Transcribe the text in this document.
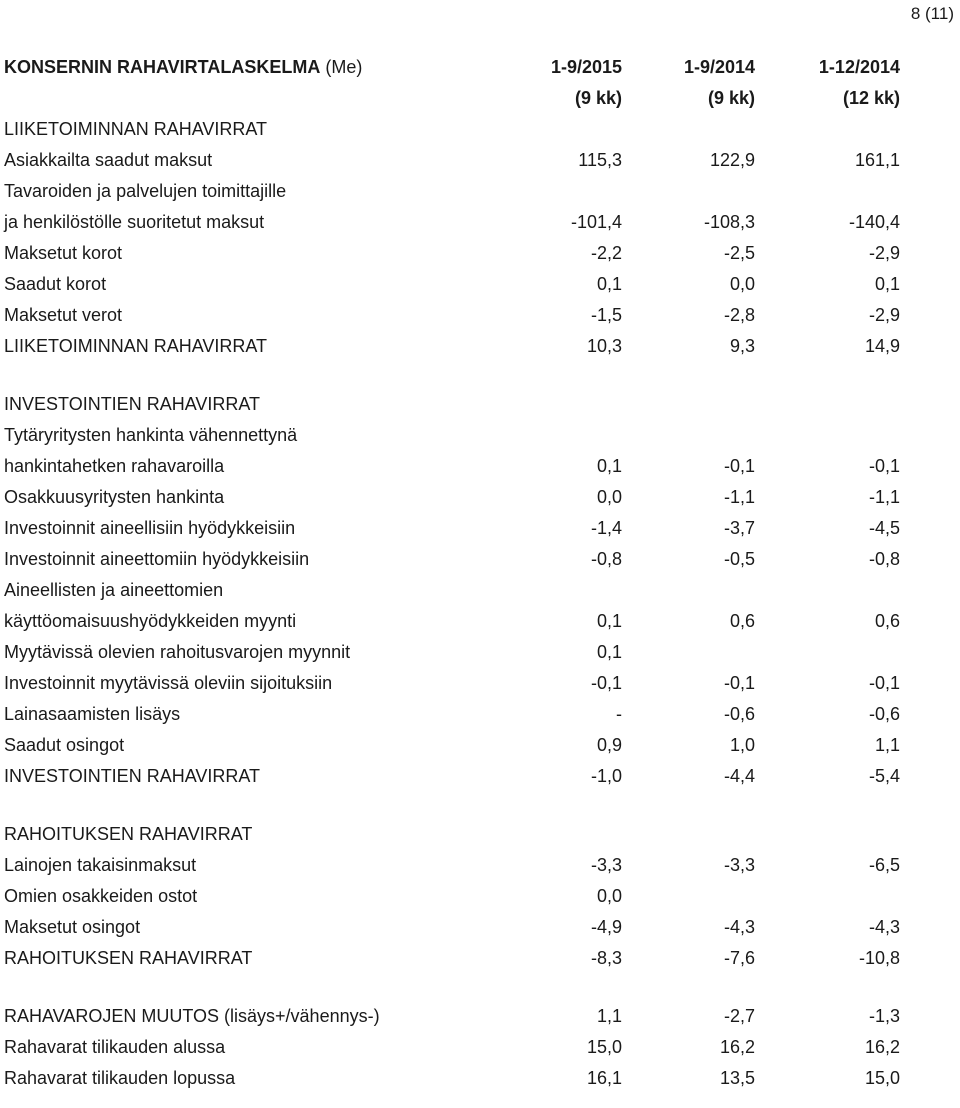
8 (11)
KONSERNIN RAHAVIRTALASKELMA (Me)	1-9/2015	1-9/2014	1-12/2014
(9 kk)	(9 kk)	(12 kk)
LIIKETOIMINNAN RAHAVIRRAT
Asiakkailta saadut maksut	115,3	122,9	161,1
Tavaroiden ja palvelujen toimittajille
ja henkilöstölle suoritetut maksut	-101,4	-108,3	-140,4
Maksetut korot	-2,2	-2,5	-2,9
Saadut korot	0,1	0,0	0,1
Maksetut verot	-1,5	-2,8	-2,9
LIIKETOIMINNAN RAHAVIRRAT	10,3	9,3	14,9
INVESTOINTIEN RAHAVIRRAT
Tytäryritysten hankinta vähennettynä
hankintahetken rahavaroilla	0,1	-0,1	-0,1
Osakkuusyritysten hankinta	0,0	-1,1	-1,1
Investoinnit aineellisiin hyödykkeisiin	-1,4	-3,7	-4,5
Investoinnit aineettomiin hyödykkeisiin	-0,8	-0,5	-0,8
Aineellisten ja aineettomien
käyttöomaisuushyödykkeiden myynti	0,1	0,6	0,6
Myytävissä olevien rahoitusvarojen myynnit	0,1
Investoinnit myytävissä oleviin sijoituksiin	-0,1	-0,1	-0,1
Lainasaamisten lisäys	-	-0,6	-0,6
Saadut osingot	0,9	1,0	1,1
INVESTOINTIEN RAHAVIRRAT	-1,0	-4,4	-5,4
RAHOITUKSEN RAHAVIRRAT
Lainojen takaisinmaksut	-3,3	-3,3	-6,5
Omien osakkeiden ostot	0,0
Maksetut osingot	-4,9	-4,3	-4,3
RAHOITUKSEN RAHAVIRRAT	-8,3	-7,6	-10,8
RAHAVAROJEN MUUTOS (lisäys+/vähennys-)	1,1	-2,7	-1,3
Rahavarat tilikauden alussa	15,0	16,2	16,2
Rahavarat tilikauden lopussa	16,1	13,5	15,0
